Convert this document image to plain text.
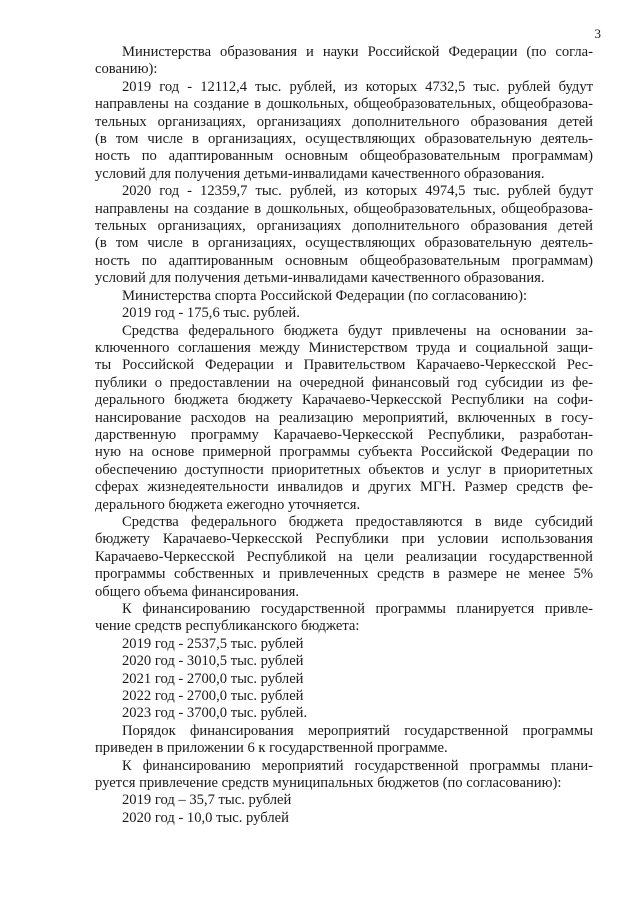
3
Министерства образования и науки Российской Федерации (по согла-
сованию):
2019 год - 12112,4 тыс. рублей, из которых 4732,5 тыс. рублей будут
направлены на создание в дошкольных, общеобразовательных, общеобразова-
тельных организациях, организациях дополнительного образования детей
(в том числе в организациях, осуществляющих образовательную деятель-
ность по адаптированным основным общеобразовательным программам)
условий для получения детьми-инвалидами качественного образования.
2020 год - 12359,7 тыс. рублей, из которых 4974,5 тыс. рублей будут
направлены на создание в дошкольных, общеобразовательных, общеобразова-
тельных организациях, организациях дополнительного образования детей
(в том числе в организациях, осуществляющих образовательную деятель-
ность по адаптированным основным общеобразовательным программам)
условий для получения детьми-инвалидами качественного образования.
Министерства спорта Российской Федерации (по согласованию):
2019 год - 175,6 тыс. рублей.
Средства федерального бюджета будут привлечены на основании за-
ключенного соглашения между Министерством труда и социальной защи-
ты Российской Федерации и Правительством Карачаево-Черкесской Рес-
публики о предоставлении на очередной финансовый год субсидии из фе-
дерального бюджета бюджету Карачаево-Черкесской Республики на софи-
нансирование расходов на реализацию мероприятий, включенных в госу-
дарственную программу Карачаево-Черкесской Республики, разработан-
ную на основе примерной программы субъекта Российской Федерации по
обеспечению доступности приоритетных объектов и услуг в приоритетных
сферах жизнедеятельности инвалидов и других МГН. Размер средств фе-
дерального бюджета ежегодно уточняется.
Средства федерального бюджета предоставляются в виде субсидий
бюджету Карачаево-Черкесской Республики при условии использования
Карачаево-Черкесской Республикой на цели реализации государственной
программы собственных и привлеченных средств в размере не менее 5%
общего объема финансирования.
К финансированию государственной программы планируется привле-
чение средств республиканского бюджета:
2019 год - 2537,5 тыс. рублей
2020 год - 3010,5 тыс. рублей
2021 год - 2700,0 тыс. рублей
2022 год - 2700,0 тыс. рублей
2023 год - 3700,0 тыс. рублей.
Порядок финансирования мероприятий государственной программы
приведен в приложении 6 к государственной программе.
К финансированию мероприятий государственной программы плани-
руется привлечение средств муниципальных бюджетов (по согласованию):
2019 год – 35,7 тыс. рублей
2020 год - 10,0 тыс. рублей
